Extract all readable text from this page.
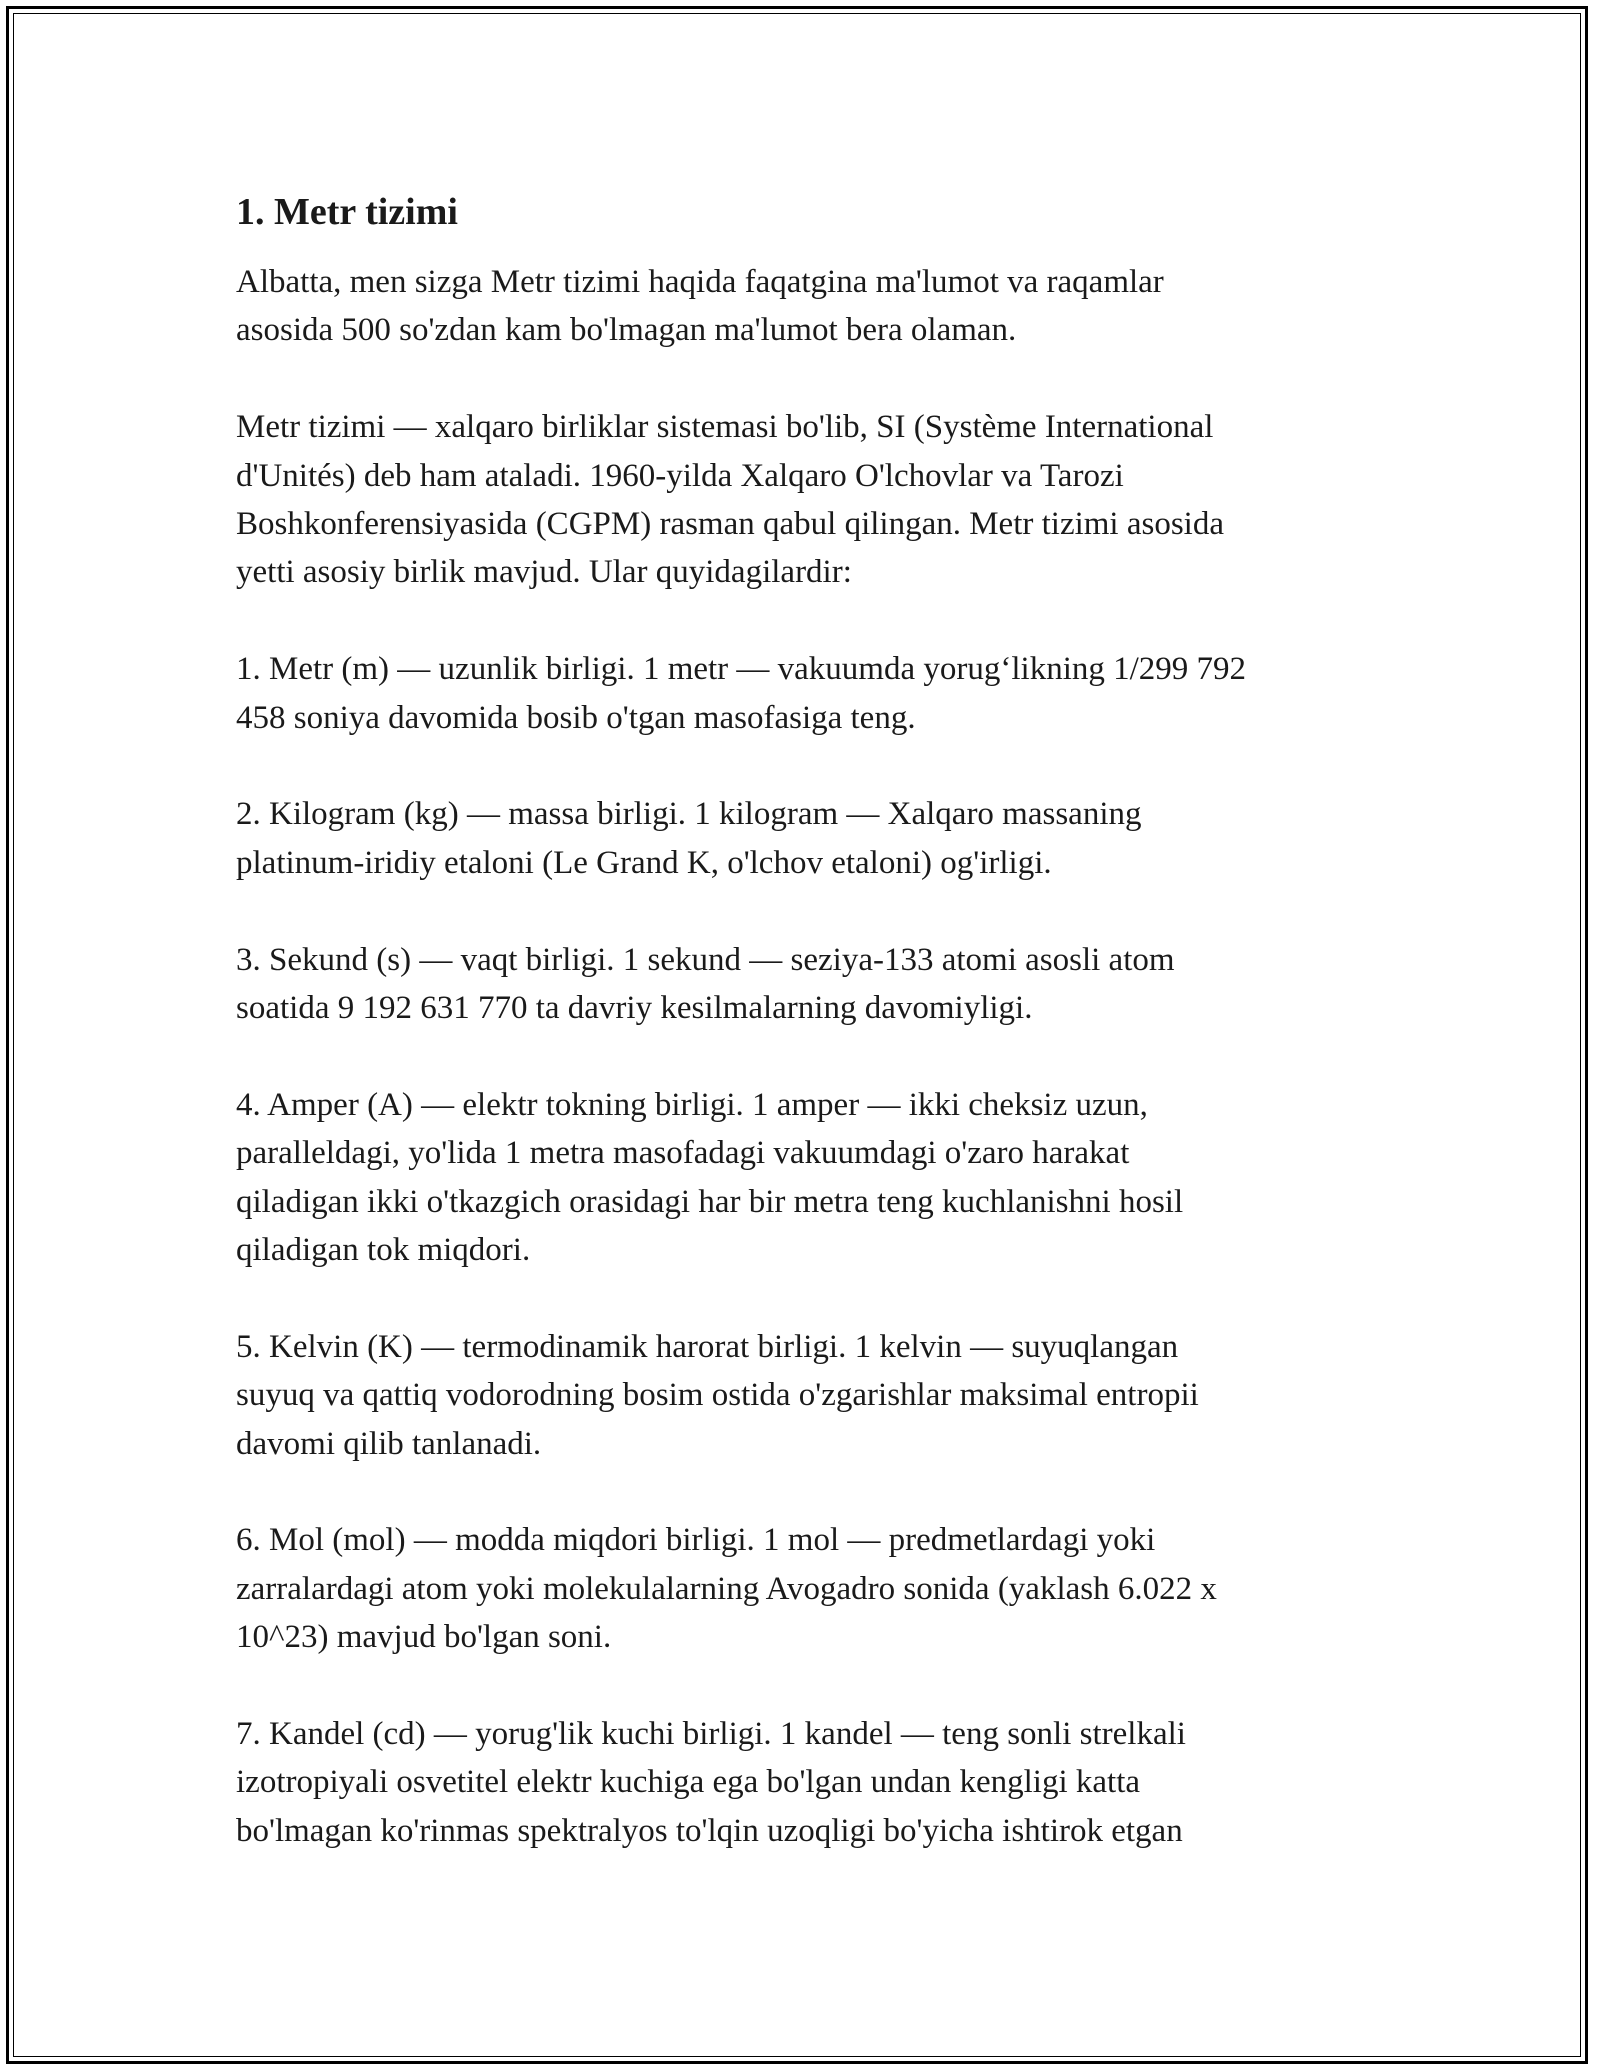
1. Metr tizimi

Albatta, men sizga Metr tizimi haqida faqatgina ma'lumot va raqamlar
asosida 500 so'zdan kam bo'lmagan ma'lumot bera olaman.

Metr tizimi — xalqaro birliklar sistemasi bo'lib, SI (Système International
d'Unités) deb ham ataladi. 1960-yilda Xalqaro O'lchovlar va Tarozi
Boshkonferensiyasida (CGPM) rasman qabul qilingan. Metr tizimi asosida
yetti asosiy birlik mavjud. Ular quyidagilardir:

1. Metr (m) — uzunlik birligi. 1 metr — vakuumda yorug‘likning 1/299 792
458 soniya davomida bosib o'tgan masofasiga teng.

2. Kilogram (kg) — massa birligi. 1 kilogram — Xalqaro massaning
platinum-iridiy etaloni (Le Grand K, o'lchov etaloni) og'irligi.

3. Sekund (s) — vaqt birligi. 1 sekund — seziya-133 atomi asosli atom
soatida 9 192 631 770 ta davriy kesilmalarning davomiyligi.

4. Amper (A) — elektr tokning birligi. 1 amper — ikki cheksiz uzun,
paralleldagi, yo'lida 1 metra masofadagi vakuumdagi o'zaro harakat
qiladigan ikki o'tkazgich orasidagi har bir metra teng kuchlanishni hosil
qiladigan tok miqdori.

5. Kelvin (K) — termodinamik harorat birligi. 1 kelvin — suyuqlangan
suyuq va qattiq vodorodning bosim ostida o'zgarishlar maksimal entropii
davomi qilib tanlanadi.

6. Mol (mol) — modda miqdori birligi. 1 mol — predmetlardagi yoki
zarralardagi atom yoki molekulalarning Avogadro sonida (yaklash 6.022 x
10^23) mavjud bo'lgan soni.

7. Kandel (cd) — yorug'lik kuchi birligi. 1 kandel — teng sonli strelkali
izotropiyali osvetitel elektr kuchiga ega bo'lgan undan kengligi katta
bo'lmagan ko'rinmas spektralyos to'lqin uzoqligi bo'yicha ishtirok etgan
